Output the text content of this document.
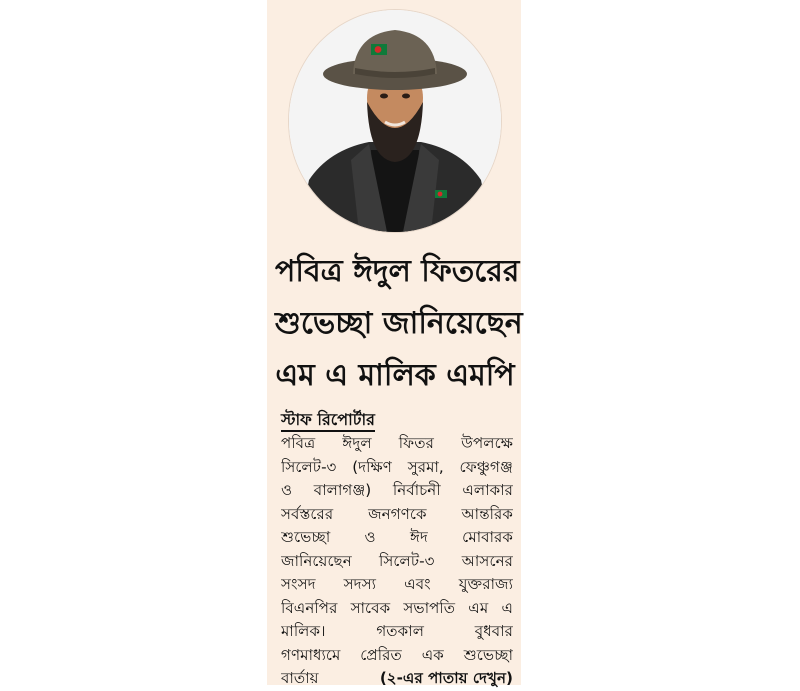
পবিত্র ঈদুল ফিতরের
শুভেচ্ছা জানিয়েছেন
এম এ মালিক এমপি
স্টাফ রিপোর্টার
পবিত্র ঈদুল ফিতর উপলক্ষে
সিলেট-৩ (দক্ষিণ সুরমা, ফেঞ্চুগঞ্জ
ও বালাগঞ্জ) নির্বাচনী এলাকার
সর্বস্তরের জনগণকে আন্তরিক
শুভেচ্ছা ও ঈদ মোবারক
জানিয়েছেন সিলেট-৩ আসনের
সংসদ সদস্য এবং যুক্তরাজ্য
বিএনপির সাবেক সভাপতি এম এ
মালিক। গতকাল বুধবার
গণমাধ্যমে প্রেরিত এক শুভেচ্ছা
বার্তায়	(২-এর পাতায় দেখুন)
